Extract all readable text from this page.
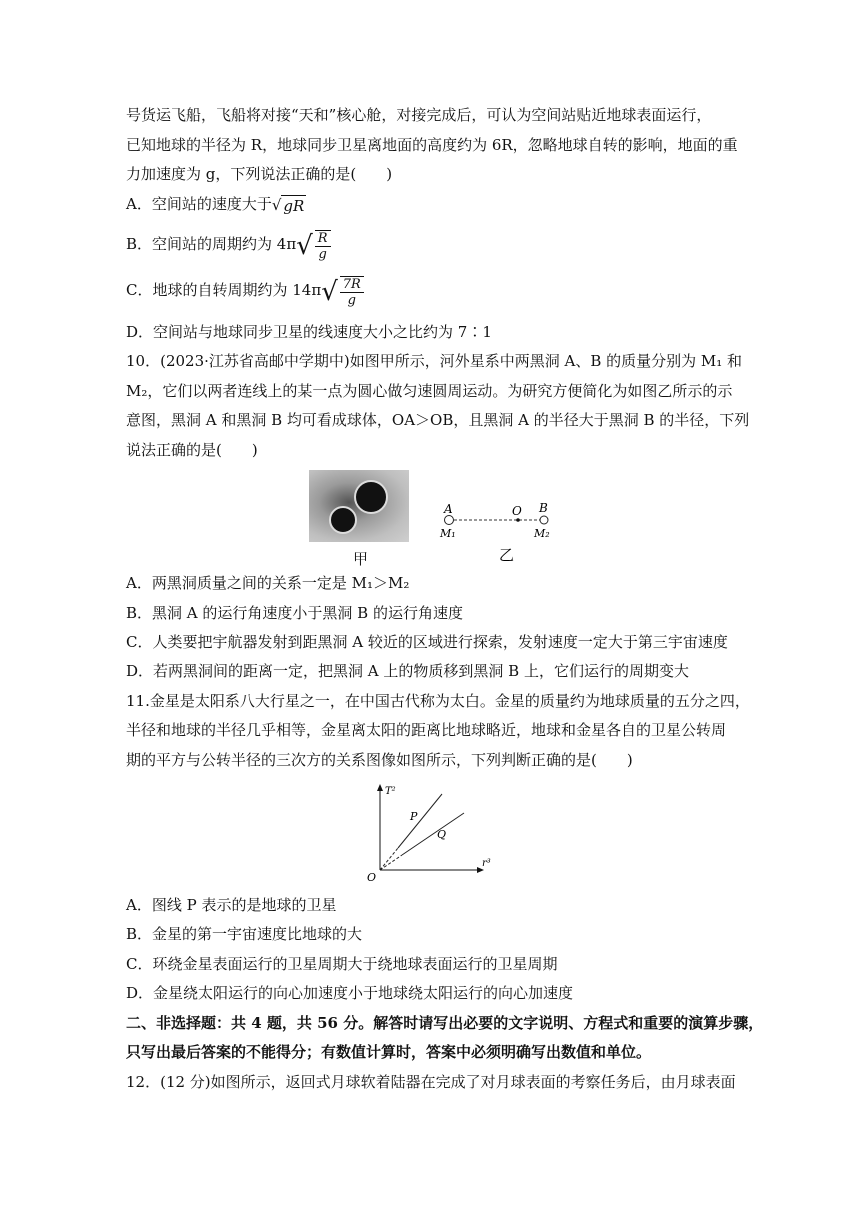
号货运飞船，飞船将对接“天和”核心舱，对接完成后，可认为空间站贴近地球表面运行，
已知地球的半径为 R，地球同步卫星离地面的高度约为 6R，忽略地球自转的影响，地面的重
力加速度为 g，下列说法正确的是(　　)
A．空间站的速度大于√ gR
B．空间站的周期约为 $4\pi√ \frac{R}{g}$
C．地球的自转周期约为 $14\pi√ \frac{7R}{g}$
D．空间站与地球同步卫星的线速度大小之比约为 7∶1
10．(2023·江苏省高邮中学期中)如图甲所示，河外星系中两黑洞 A、B 的质量分别为 M₁ 和
M₂，它们以两者连线上的某一点为圆心做匀速圆周运动。为研究方便简化为如图乙所示的示
意图，黑洞 A 和黑洞 B 均可看成球体，OA＞OB，且黑洞 A 的半径大于黑洞 B 的半径，下列
说法正确的是(　　)
甲
A	O B
M₁	M₂
乙
A．两黑洞质量之间的关系一定是 M₁＞M₂
B．黑洞 A 的运行角速度小于黑洞 B 的运行角速度
C．人类要把宇航器发射到距黑洞 A 较近的区域进行探索，发射速度一定大于第三宇宙速度
D．若两黑洞间的距离一定，把黑洞 A 上的物质移到黑洞 B 上，它们运行的周期变大
11.金星是太阳系八大行星之一，在中国古代称为太白。金星的质量约为地球质量的五分之四，
半径和地球的半径几乎相等，金星离太阳的距离比地球略近，地球和金星各自的卫星公转周
期的平方与公转半径的三次方的关系图像如图所示，下列判断正确的是(　　)
T²
r³
O
P
Q
A．图线 P 表示的是地球的卫星
B．金星的第一宇宙速度比地球的大
C．环绕金星表面运行的卫星周期大于绕地球表面运行的卫星周期
D．金星绕太阳运行的向心加速度小于地球绕太阳运行的向心加速度
二、非选择题：共 4 题，共 56 分。解答时请写出必要的文字说明、方程式和重要的演算步骤，
只写出最后答案的不能得分；有数值计算时，答案中必须明确写出数值和单位。
12．(12 分)如图所示，返回式月球软着陆器在完成了对月球表面的考察任务后，由月球表面
